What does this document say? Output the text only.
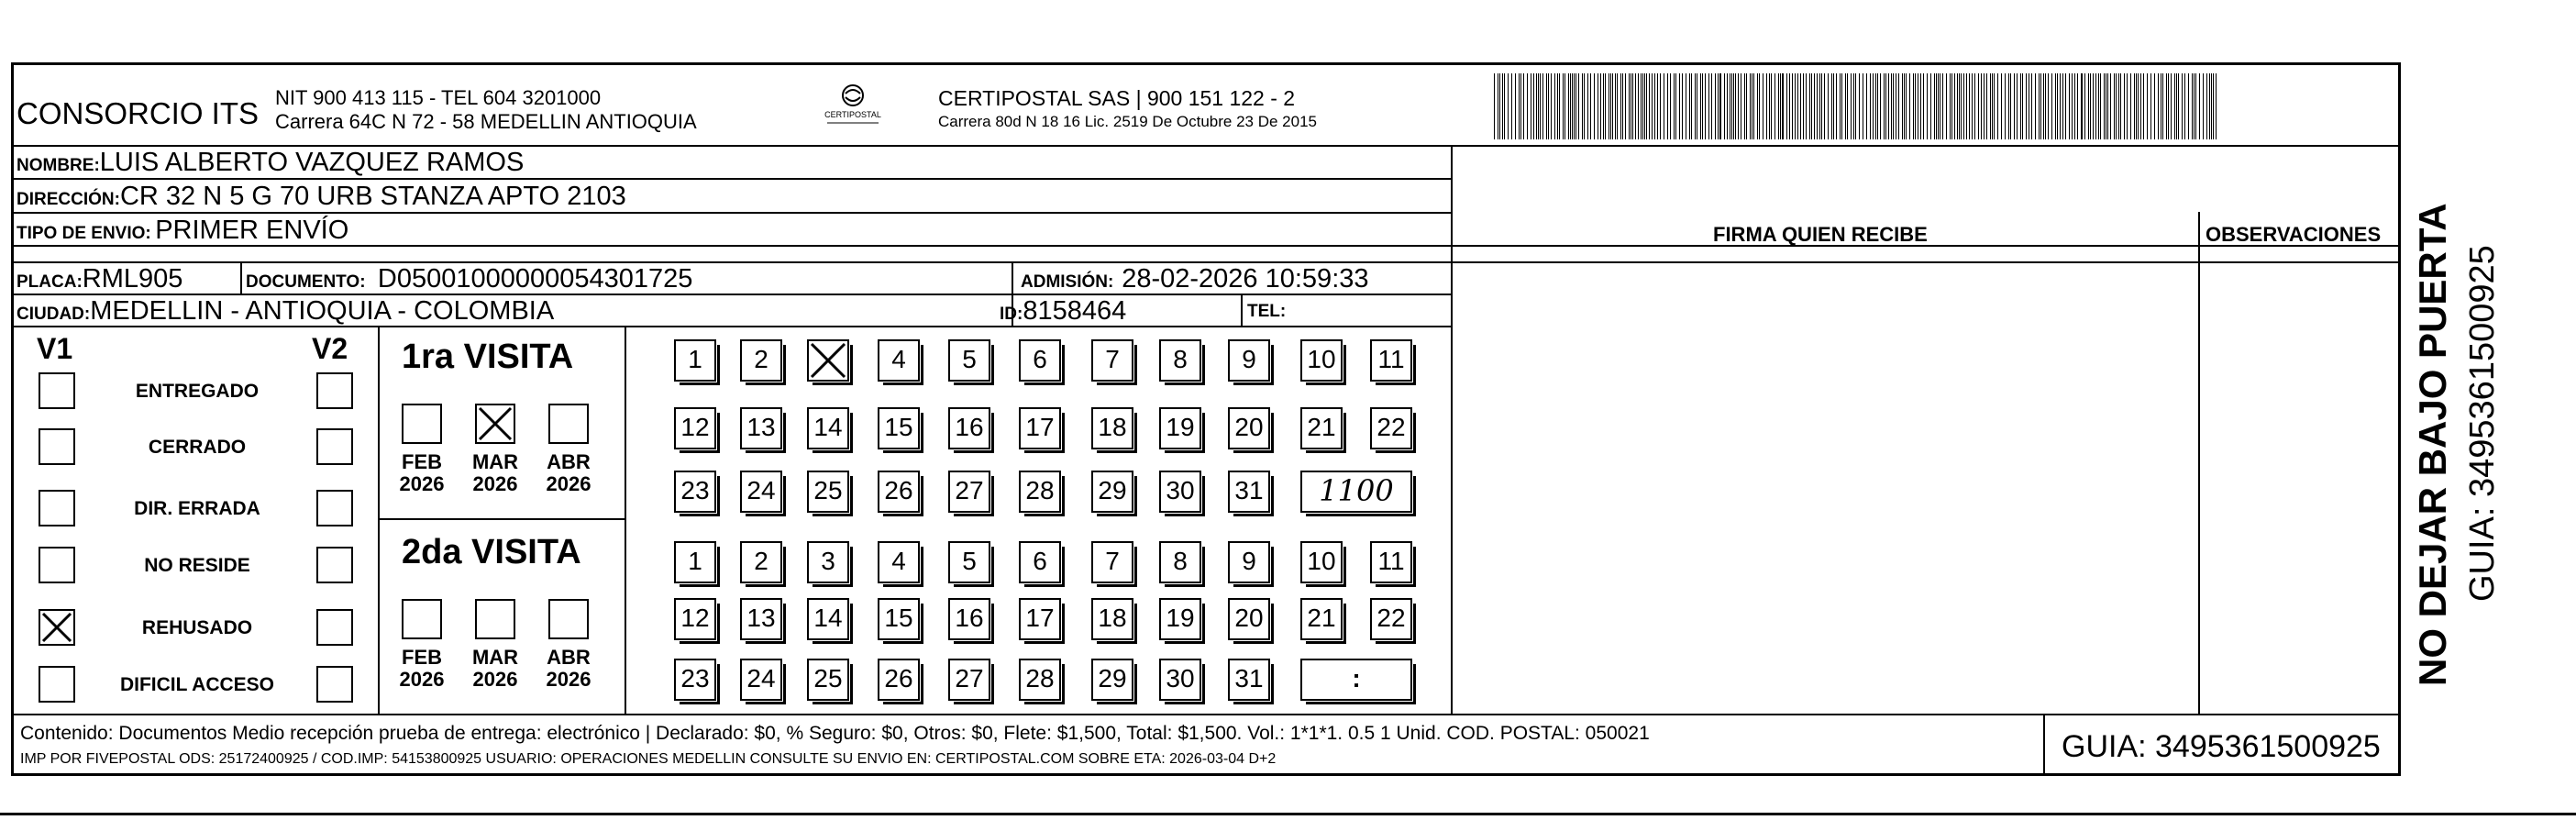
CONSORCIO ITS NIT 900 413 115 - TEL 604 3201000
Carrera 64C N 72 - 58 MEDELLIN ANTIOQUIA	CERTIPOSTAL
CERTIPOSTAL SAS | 900 151 122 - 2
Carrera 80d N 18 16 Lic. 2519 De Octubre 23 De 2015
NOMBRE:LUIS ALBERTO VAZQUEZ RAMOS
DIRECCIÓN:CR 32 N 5 G 70 URB STANZA APTO 2103
TIPO DE ENVIO: PRIMER ENVÍO	FIRMA QUIEN RECIBE	OBSERVACIONES
PLACA:RML905	DOCUMENTO: D05001000000054301725	ADMISIÓN: 28-02-2026 10:59:33
CIUDAD:MEDELLIN - ANTIOQUIA - COLOMBIA	ID:8158464	TEL:
V1	V2
ENTREGADO
CERRADO
DIR. ERRADA
NO RESIDE
REHUSADO
DIFICIL ACCESO
1ra VISITA
2da VISITA
FEB
2026
MAR
2026
ABR
2026
FEB
2026
MAR
2026
ABR
2026
1	2	4	5	6	7	8	9	10	11
12 13 14 15 16 17 18 19 20 21 22
23 24 25 26 27 28 29 30 31	1100
1	2	3	4	5	6	7	8	9	10	11
12 13 14 15 16 17 18 19 20 21 22
23 24 25 26 27 28 29 30 31	:
Contenido: Documentos Medio recepción prueba de entrega: electrónico | Declarado: $0, % Seguro: $0, Otros: $0, Flete: $1,500, Total: $1,500. Vol.: 1*1*1. 0.5 1 Unid. COD. POSTAL: 050021
IMP POR FIVEPOSTAL ODS: 25172400925 / COD.IMP: 54153800925 USUARIO: OPERACIONES MEDELLIN CONSULTE SU ENVIO EN: CERTIPOSTAL.COM SOBRE ETA: 2026-03-04 D+2	GUIA: 3495361500925
NO DEJAR BAJO PUERTA GUIA: 3495361500925
